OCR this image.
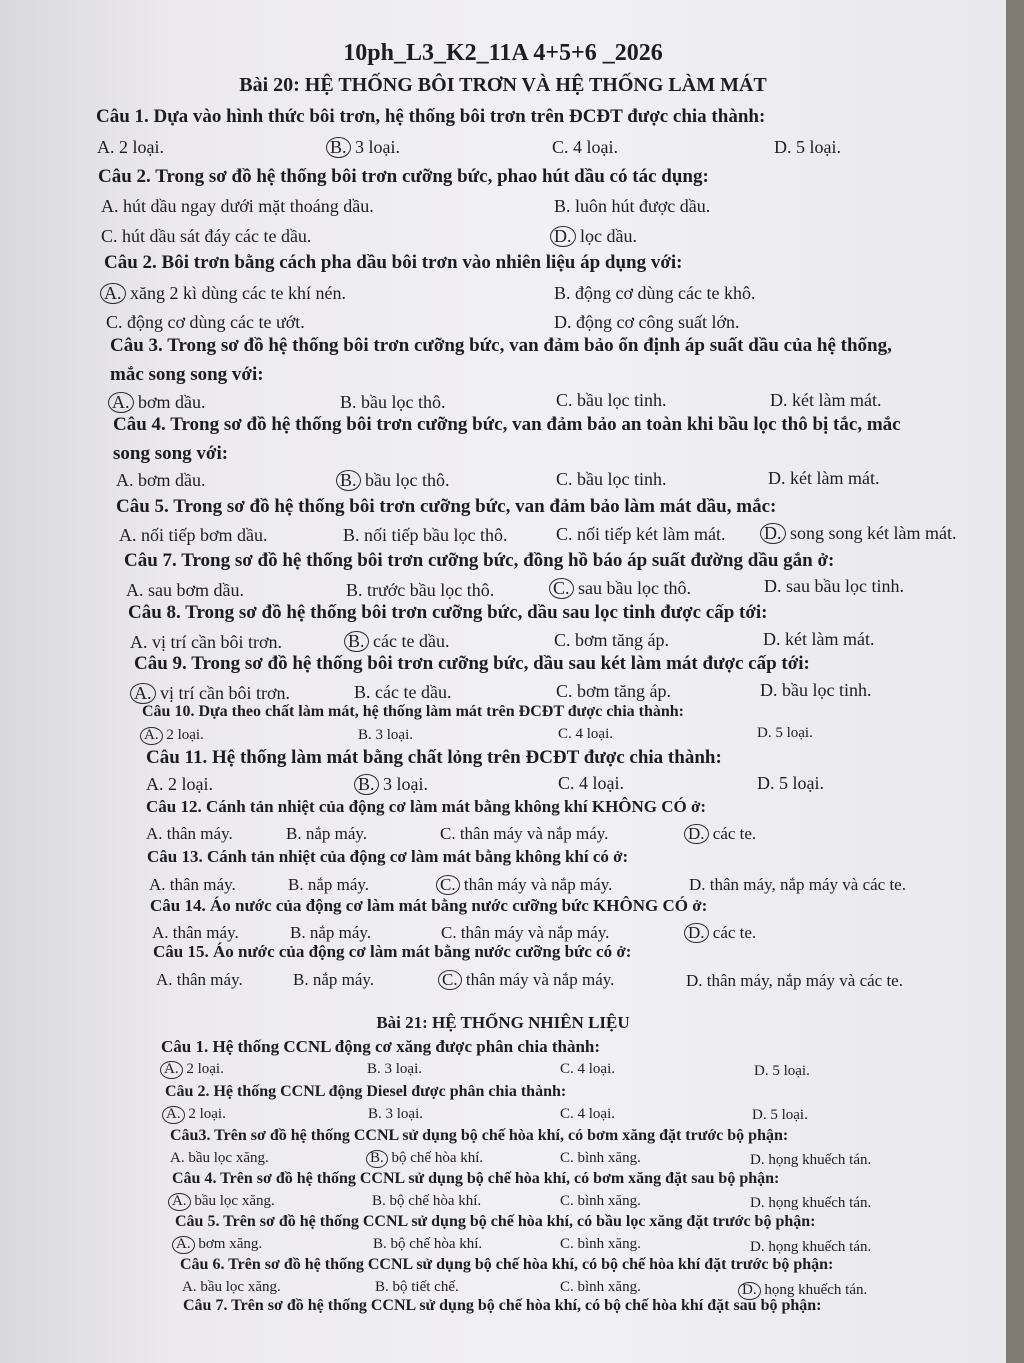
10ph_L3_K2_11A 4+5+6 _2026
Bài 20: HỆ THỐNG BÔI TRƠN VÀ HỆ THỐNG LÀM MÁT
Câu 1. Dựa vào hình thức bôi trơn, hệ thống bôi trơn trên ĐCĐT được chia thành:
A. 2 loại.	B. 3 loại.	C. 4 loại.	D. 5 loại.
Câu 2. Trong sơ đồ hệ thống bôi trơn cưỡng bức, phao hút dầu có tác dụng:
A. hút dầu ngay dưới mặt thoáng dầu.	B. luôn hút được dầu.
C. hút dầu sát đáy các te dầu.	D. lọc dầu.
Câu 2. Bôi trơn bằng cách pha dầu bôi trơn vào nhiên liệu áp dụng với:
A. xăng 2 kì dùng các te khí nén.	B. động cơ dùng các te khô.
C. động cơ dùng các te ướt.	D. động cơ công suất lớn.
Câu 3. Trong sơ đồ hệ thống bôi trơn cưỡng bức, van đảm bảo ổn định áp suất dầu của hệ thống,
mắc song song với:
A. bơm dầu.	B. bầu lọc thô.	C. bầu lọc tinh.	D. két làm mát.
Câu 4. Trong sơ đồ hệ thống bôi trơn cưỡng bức, van đảm bảo an toàn khi bầu lọc thô bị tắc, mắc
song song với:
A. bơm dầu.	B. bầu lọc thô.	C. bầu lọc tinh.	D. két làm mát.
Câu 5. Trong sơ đồ hệ thống bôi trơn cưỡng bức, van đảm bảo làm mát dầu, mắc:
A. nối tiếp bơm dầu.	B. nối tiếp bầu lọc thô.	C. nối tiếp két làm mát. D. song song két làm mát.
Câu 7. Trong sơ đồ hệ thống bôi trơn cưỡng bức, đồng hồ báo áp suất đường dầu gắn ở:
A. sau bơm dầu.	B. trước bầu lọc thô.	C. sau bầu lọc thô.	D. sau bầu lọc tinh.
Câu 8. Trong sơ đồ hệ thống bôi trơn cưỡng bức, dầu sau lọc tinh được cấp tới:
A. vị trí cần bôi trơn.	B. các te dầu.	C. bơm tăng áp.	D. két làm mát.
Câu 9. Trong sơ đồ hệ thống bôi trơn cưỡng bức, dầu sau két làm mát được cấp tới:
A. vị trí cần bôi trơn.	B. các te dầu.	C. bơm tăng áp.	D. bầu lọc tinh.
Câu 10. Dựa theo chất làm mát, hệ thống làm mát trên ĐCĐT được chia thành:
A. 2 loại.	B. 3 loại.	C. 4 loại.	D. 5 loại.
Câu 11. Hệ thống làm mát bằng chất lỏng trên ĐCĐT được chia thành:
A. 2 loại.	B. 3 loại.	C. 4 loại.	D. 5 loại.
Câu 12. Cánh tản nhiệt của động cơ làm mát bằng không khí KHÔNG CÓ ở:
A. thân máy.	B. nắp máy.	C. thân máy và nắp máy.	D. các te.
Câu 13. Cánh tản nhiệt của động cơ làm mát bằng không khí có ở:
A. thân máy.	B. nắp máy.	C. thân máy và nắp máy.	D. thân máy, nắp máy và các te.
Câu 14. Áo nước của động cơ làm mát bằng nước cưỡng bức KHÔNG CÓ ở:
A. thân máy.	B. nắp máy.	C. thân máy và nắp máy.	D. các te.
Câu 15. Áo nước của động cơ làm mát bằng nước cưỡng bức có ở:
A. thân máy.	B. nắp máy.	C. thân máy và nắp máy.	D. thân máy, nắp máy và các te.
Bài 21: HỆ THỐNG NHIÊN LIỆU
Câu 1. Hệ thống CCNL động cơ xăng được phân chia thành:
A. 2 loại.	B. 3 loại.	C. 4 loại.	D. 5 loại.
Câu 2. Hệ thống CCNL động Diesel được phân chia thành:
A. 2 loại.	B. 3 loại.	C. 4 loại.	D. 5 loại.
Câu3. Trên sơ đồ hệ thống CCNL sử dụng bộ chế hòa khí, có bơm xăng đặt trước bộ phận:
A. bầu lọc xăng.	B. bộ chế hòa khí.	C. bình xăng.	D. họng khuếch tán.
Câu 4. Trên sơ đồ hệ thống CCNL sử dụng bộ chế hòa khí, có bơm xăng đặt sau bộ phận:
A. bầu lọc xăng.	B. bộ chế hòa khí.	C. bình xăng.	D. họng khuếch tán.
Câu 5. Trên sơ đồ hệ thống CCNL sử dụng bộ chế hòa khí, có bầu lọc xăng đặt trước bộ phận:
A. bơm xăng.	B. bộ chế hòa khí.	C. bình xăng.	D. họng khuếch tán.
Câu 6. Trên sơ đồ hệ thống CCNL sử dụng bộ chế hòa khí, có bộ chế hòa khí đặt trước bộ phận:
A. bầu lọc xăng.	B. bộ tiết chế.	C. bình xăng.	D. họng khuếch tán.
Câu 7. Trên sơ đồ hệ thống CCNL sử dụng bộ chế hòa khí, có bộ chế hòa khí đặt sau bộ phận:
